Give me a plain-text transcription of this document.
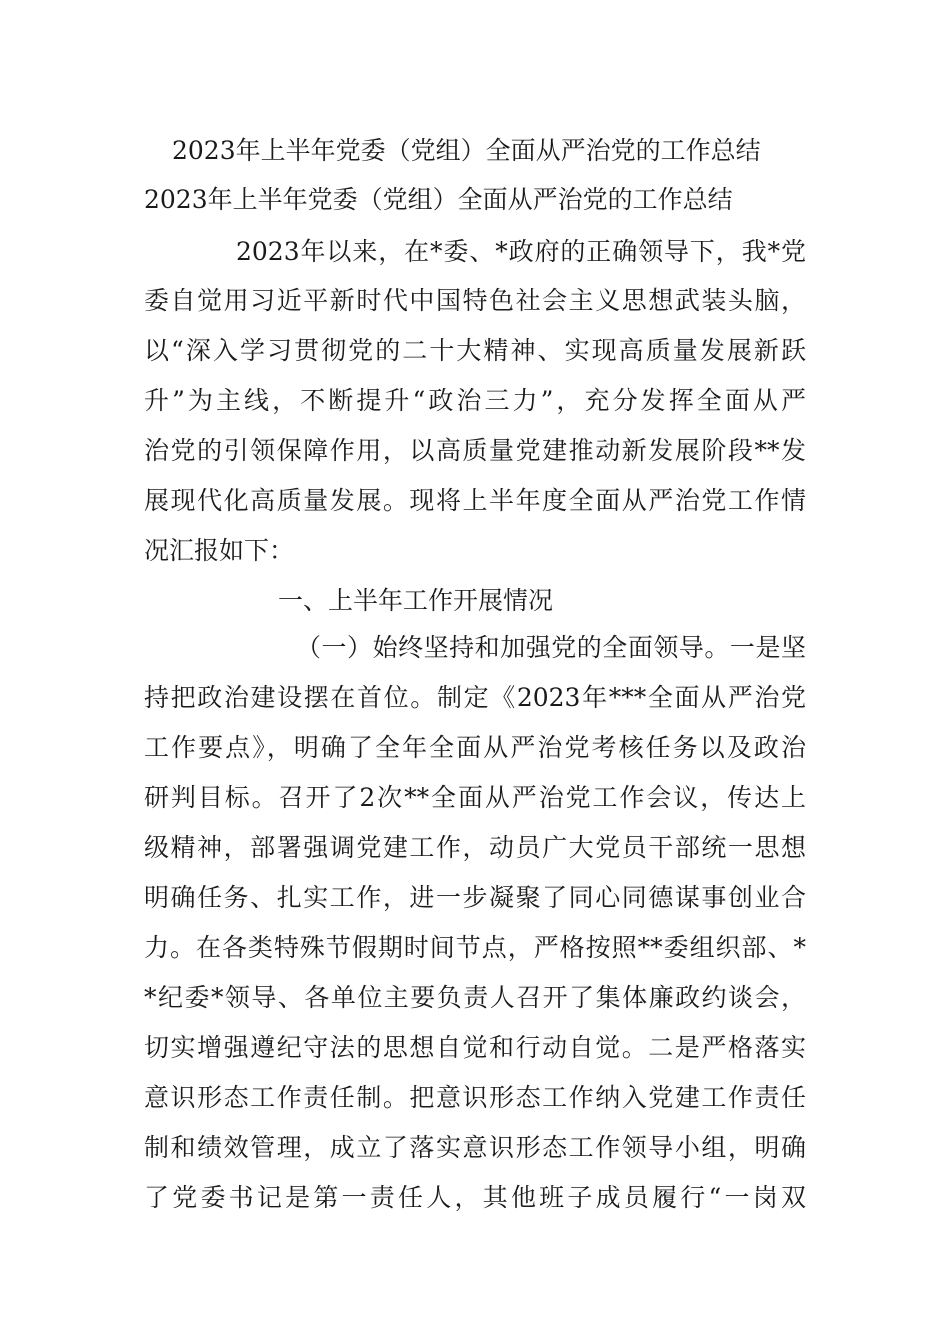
2023年上半年党委（党组）全面从严治党的工作总结
2023年上半年党委（党组）全面从严治党的工作总结
2023年以来，在*委、*政府的正确领导下，我*党
委自觉用习近平新时代中国特色社会主义思想武装头脑，
以“深入学习贯彻党的二十大精神、实现高质量发展新跃
升”为主线，不断提升“政治三力”，充分发挥全面从严
治党的引领保障作用，以高质量党建推动新发展阶段**发
展现代化高质量发展。现将上半年度全面从严治党工作情
况汇报如下：
一、上半年工作开展情况
（一）始终坚持和加强党的全面领导。一是坚
持把政治建设摆在首位。制定《2023年***全面从严治党
工作要点》，明确了全年全面从严治党考核任务以及政治
研判目标。召开了2次**全面从严治党工作会议，传达上
级精神，部署强调党建工作，动员广大党员干部统一思想
明确任务、扎实工作，进一步凝聚了同心同德谋事创业合
力。在各类特殊节假期时间节点，严格按照**委组织部、*
*纪委*领导、各单位主要负责人召开了集体廉政约谈会，
切实增强遵纪守法的思想自觉和行动自觉。二是严格落实
意识形态工作责任制。把意识形态工作纳入党建工作责任
制和绩效管理，成立了落实意识形态工作领导小组，明确
了党委书记是第一责任人，其他班子成员履行“一岗双
